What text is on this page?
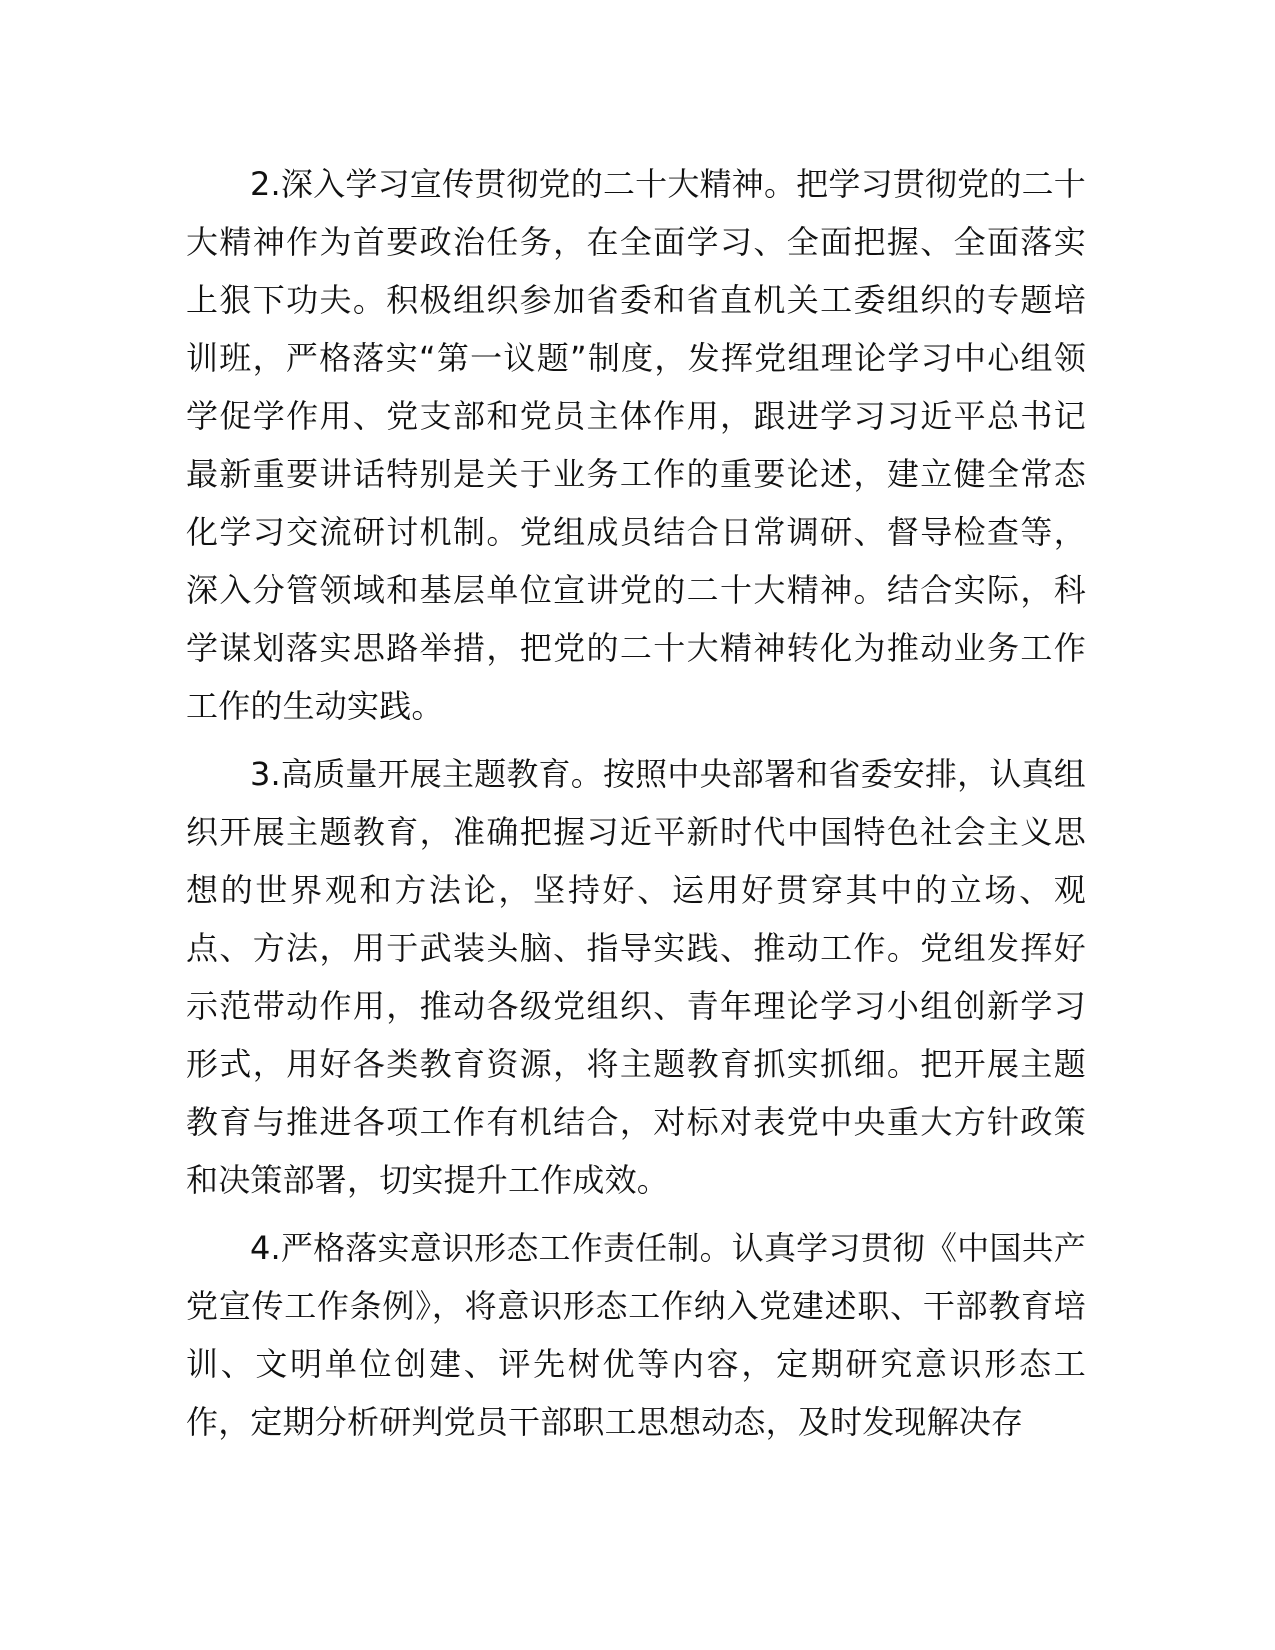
2.深入学习宣传贯彻党的二十大精神。把学习贯彻党的二十大精神作为首要政治任务，在全面学习、全面把握、全面落实上狠下功夫。积极组织参加省委和省直机关工委组织的专题培训班，严格落实“第一议题”制度，发挥党组理论学习中心组领学促学作用、党支部和党员主体作用，跟进学习习近平总书记最新重要讲话特别是关于业务工作的重要论述，建立健全常态化学习交流研讨机制。党组成员结合日常调研、督导检查等，深入分管领域和基层单位宣讲党的二十大精神。结合实际，科学谋划落实思路举措，把党的二十大精神转化为推动业务工作工作的生动实践。

3.高质量开展主题教育。按照中央部署和省委安排，认真组织开展主题教育，准确把握习近平新时代中国特色社会主义思想的世界观和方法论，坚持好、运用好贯穿其中的立场、观点、方法，用于武装头脑、指导实践、推动工作。党组发挥好示范带动作用，推动各级党组织、青年理论学习小组创新学习形式，用好各类教育资源，将主题教育抓实抓细。把开展主题教育与推进各项工作有机结合，对标对表党中央重大方针政策和决策部署，切实提升工作成效。

4.严格落实意识形态工作责任制。认真学习贯彻《中国共产党宣传工作条例》，将意识形态工作纳入党建述职、干部教育培训、文明单位创建、评先树优等内容，定期研究意识形态工作，定期分析研判党员干部职工思想动态，及时发现解决存
